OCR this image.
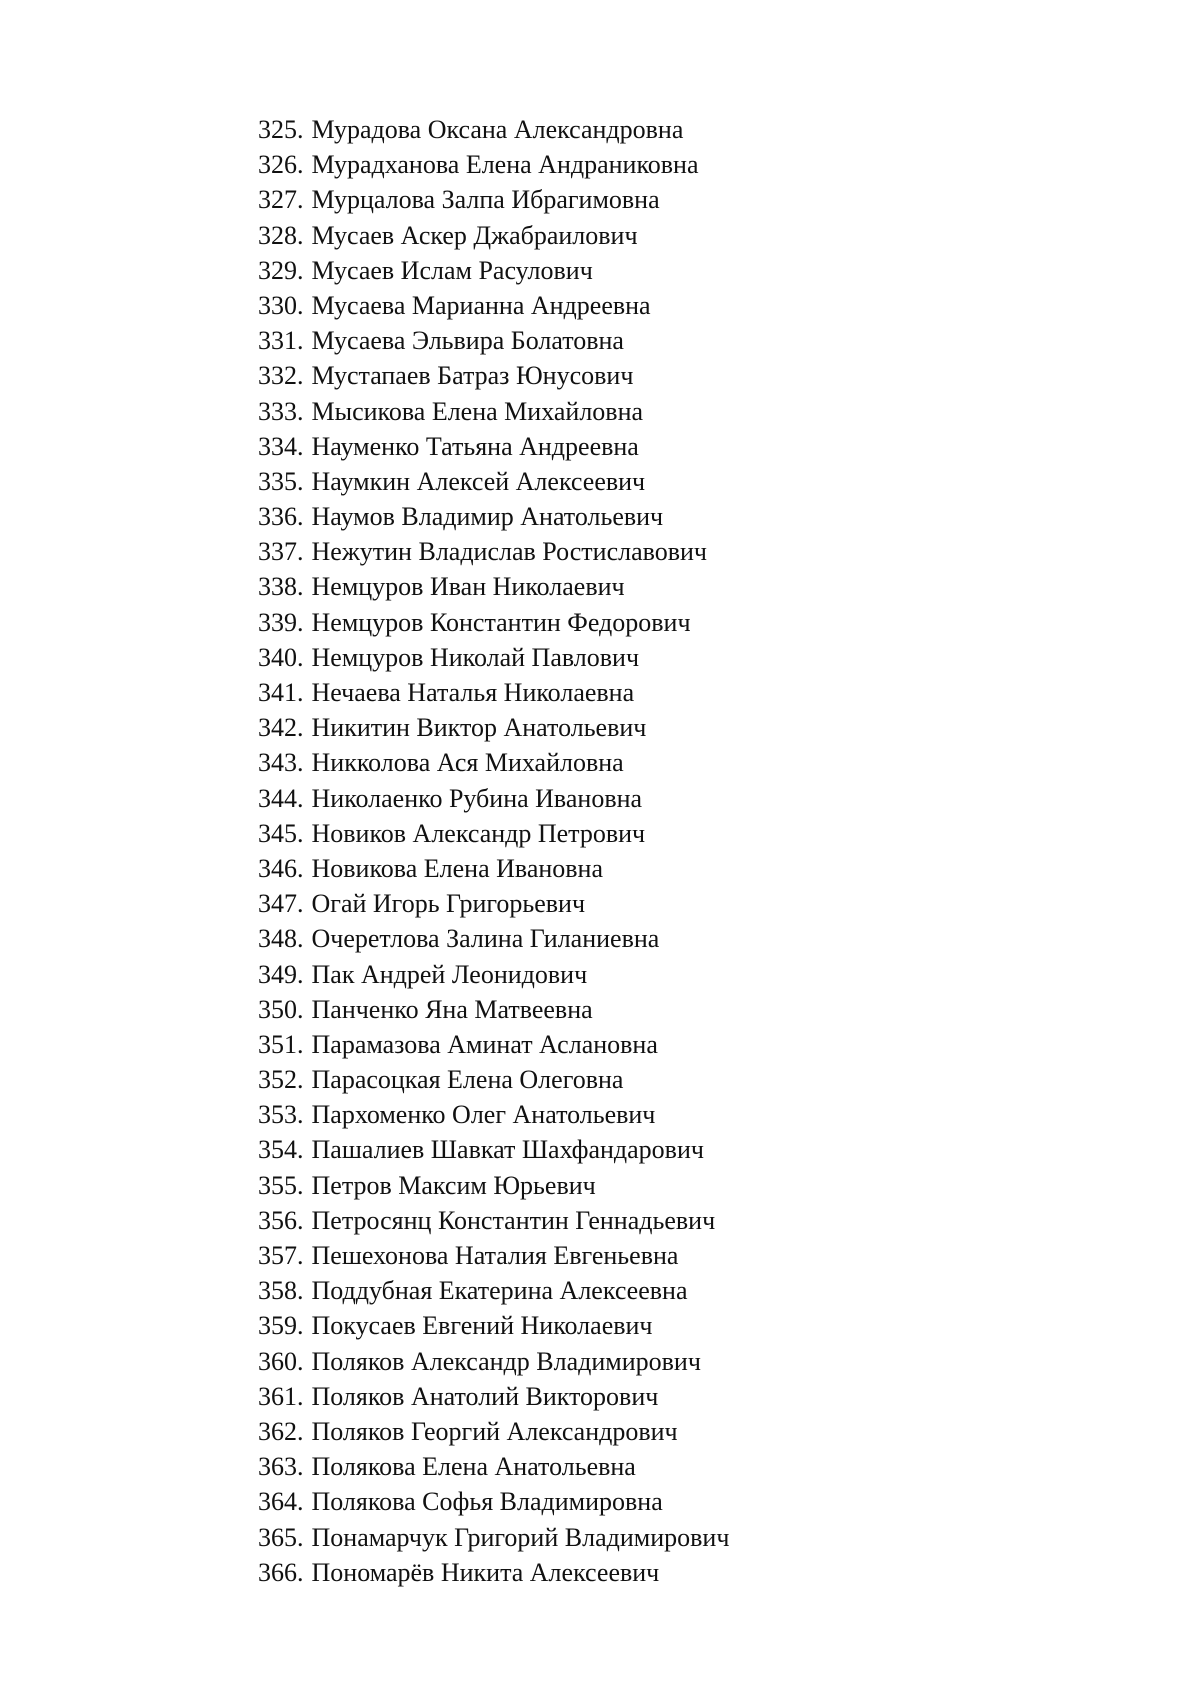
325. Мурадова Оксана Александровна
326. Мурадханова Елена Андраниковна
327. Мурцалова Залпа Ибрагимовна
328. Мусаев Аскер Джабраилович
329. Мусаев Ислам Расулович
330. Мусаева Марианна Андреевна
331. Мусаева Эльвира Болатовна
332. Мустапаев Батраз Юнусович
333. Мысикова Елена Михайловна
334. Науменко Татьяна Андреевна
335. Наумкин Алексей Алексеевич
336. Наумов Владимир Анатольевич
337. Нежутин Владислав Ростиславович
338. Немцуров Иван Николаевич
339. Немцуров Константин Федорович
340. Немцуров Николай Павлович
341. Нечаева Наталья Николаевна
342. Никитин Виктор Анатольевич
343. Никколова Ася Михайловна
344. Николаенко Рубина Ивановна
345. Новиков Александр Петрович
346. Новикова Елена Ивановна
347. Огай Игорь Григорьевич
348. Очеретлова Залина Гиланиевна
349. Пак Андрей Леонидович
350. Панченко Яна Матвеевна
351. Парамазова Аминат Аслановна
352. Парасоцкая Елена Олеговна
353. Пархоменко Олег Анатольевич
354. Пашалиев Шавкат Шахфандарович
355. Петров Максим Юрьевич
356. Петросянц Константин Геннадьевич
357. Пешехонова Наталия Евгеньевна
358. Поддубная Екатерина Алексеевна
359. Покусаев Евгений Николаевич
360. Поляков Александр Владимирович
361. Поляков Анатолий Викторович
362. Поляков Георгий Александрович
363. Полякова Елена Анатольевна
364. Полякова Софья Владимировна
365. Понамарчук Григорий Владимирович
366. Пономарёв Никита Алексеевич
